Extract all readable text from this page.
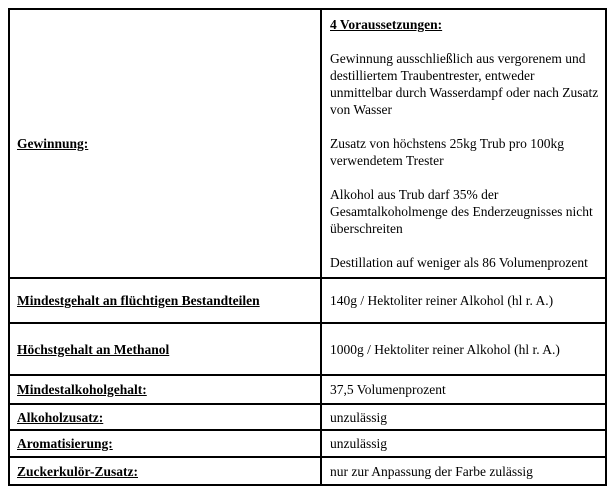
Gewinnung:	4 Voraussetzungen:

Gewinnung ausschließlich aus vergorenem und destilliertem Traubentrester, entweder unmittelbar durch Wasserdampf oder nach Zusatz von Wasser

Zusatz von höchstens 25kg Trub pro 100kg verwendetem Trester

Alkohol aus Trub darf 35% der Gesamtalkoholmenge des Enderzeugnisses nicht überschreiten

Destillation auf weniger als 86 Volumenprozent

Mindestgehalt an flüchtigen Bestandteilen	140g / Hektoliter reiner Alkohol (hl r. A.)
Höchstgehalt an Methanol	1000g / Hektoliter reiner Alkohol (hl r. A.)
Mindestalkoholgehalt:	37,5 Volumenprozent
Alkoholzusatz:	unzulässig
Aromatisierung:	unzulässig
Zuckerkulör-Zusatz:	nur zur Anpassung der Farbe zulässig
